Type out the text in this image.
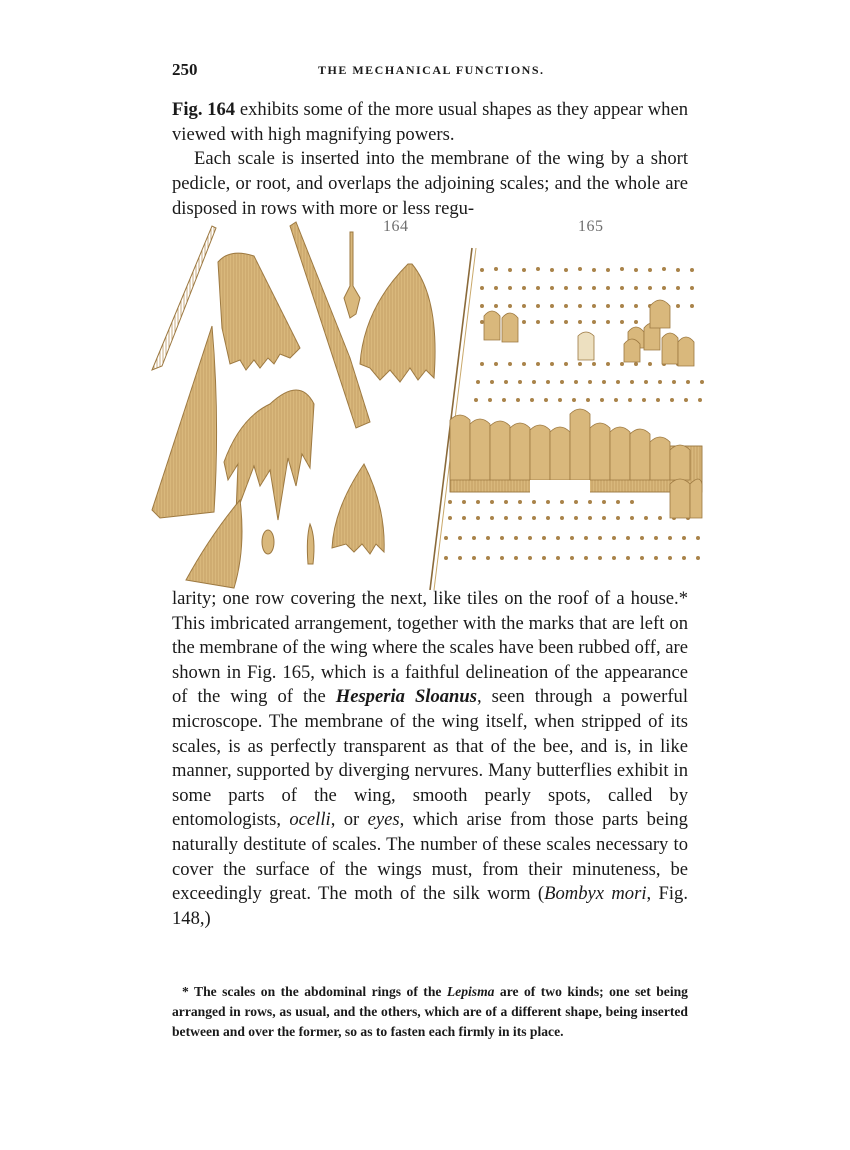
250	THE MECHANICAL FUNCTIONS.

Fig. 164 exhibits some of the more usual shapes as they appear when viewed with high magnifying powers.

Each scale is inserted into the membrane of the wing by a short pedicle, or root, and overlaps the adjoining scales; and the whole are disposed in rows with more or less regu-

164	165

larity; one row covering the next, like tiles on the roof of a house.* This imbricated arrangement, together with the marks that are left on the membrane of the wing where the scales have been rubbed off, are shown in Fig. 165, which is a faithful delineation of the appearance of the wing of the Hesperia Sloanus, seen through a powerful microscope. The membrane of the wing itself, when stripped of its scales, is as perfectly transparent as that of the bee, and is, in like manner, supported by diverging nervures. Many butterflies exhibit in some parts of the wing, smooth pearly spots, called by entomologists, ocelli, or eyes, which arise from those parts being naturally destitute of scales. The number of these scales necessary to cover the surface of the wings must, from their minuteness, be exceedingly great. The moth of the silk worm (Bombyx mori, Fig. 148,)

* The scales on the abdominal rings of the Lepisma are of two kinds; one set being arranged in rows, as usual, and the others, which are of a different shape, being inserted between and over the former, so as to fasten each firmly in its place.
